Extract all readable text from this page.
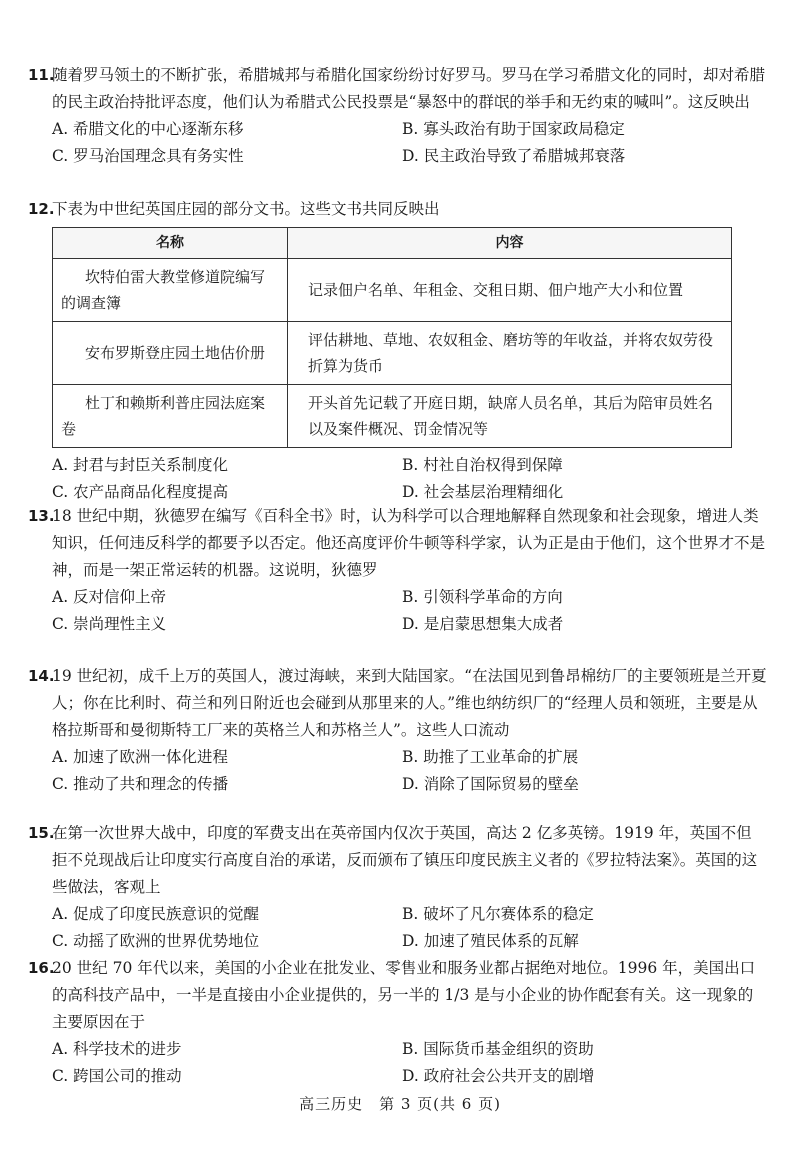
11.随着罗马领土的不断扩张，希腊城邦与希腊化国家纷纷讨好罗马。罗马在学习希腊文化的同时，却对希腊的民主政治持批评态度，他们认为希腊式公民投票是“暴怒中的群氓的举手和无约束的喊叫”。这反映出
A. 希腊文化的中心逐渐东移	B. 寡头政治有助于国家政局稳定
C. 罗马治国理念具有务实性	D. 民主政治导致了希腊城邦衰落
12.下表为中世纪英国庄园的部分文书。这些文书共同反映出
名称	内容
坎特伯雷大教堂修道院编写的调查簿	记录佃户名单、年租金、交租日期、佃户地产大小和位置
安布罗斯登庄园土地估价册	评估耕地、草地、农奴租金、磨坊等的年收益，并将农奴劳役折算为货币
杜丁和赖斯利普庄园法庭案卷	开头首先记载了开庭日期，缺席人员名单，其后为陪审员姓名以及案件概况、罚金情况等
A. 封君与封臣关系制度化	B. 村社自治权得到保障
C. 农产品商品化程度提高	D. 社会基层治理精细化
13.18 世纪中期，狄德罗在编写《百科全书》时，认为科学可以合理地解释自然现象和社会现象，增进人类知识，任何违反科学的都要予以否定。他还高度评价牛顿等科学家，认为正是由于他们，这个世界才不是神，而是一架正常运转的机器。这说明，狄德罗
A. 反对信仰上帝	B. 引领科学革命的方向
C. 崇尚理性主义	D. 是启蒙思想集大成者
14.19 世纪初，成千上万的英国人，渡过海峡，来到大陆国家。“在法国见到鲁昂棉纺厂的主要领班是兰开夏人；你在比利时、荷兰和列日附近也会碰到从那里来的人。”维也纳纺织厂的“经理人员和领班，主要是从格拉斯哥和曼彻斯特工厂来的英格兰人和苏格兰人”。这些人口流动
A. 加速了欧洲一体化进程	B. 助推了工业革命的扩展
C. 推动了共和理念的传播	D. 消除了国际贸易的壁垒
15.在第一次世界大战中，印度的军费支出在英帝国内仅次于英国，高达 2 亿多英镑。1919 年，英国不但拒不兑现战后让印度实行高度自治的承诺，反而颁布了镇压印度民族主义者的《罗拉特法案》。英国的这些做法，客观上
A. 促成了印度民族意识的觉醒	B. 破坏了凡尔赛体系的稳定
C. 动摇了欧洲的世界优势地位	D. 加速了殖民体系的瓦解
16.20 世纪 70 年代以来，美国的小企业在批发业、零售业和服务业都占据绝对地位。1996 年，美国出口的高科技产品中，一半是直接由小企业提供的，另一半的 1/3 是与小企业的协作配套有关。这一现象的主要原因在于
A. 科学技术的进步	B. 国际货币基金组织的资助
C. 跨国公司的推动	D. 政府社会公共开支的剧增
高三历史　第 3 页(共 6 页)
